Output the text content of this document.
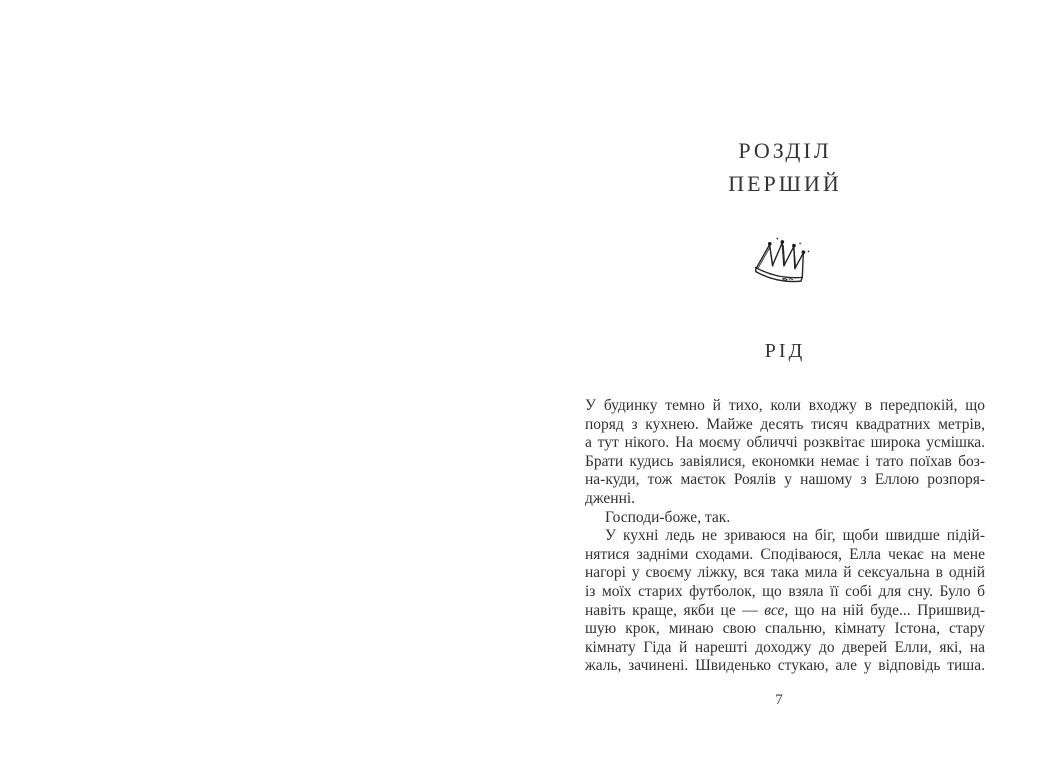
РОЗДІЛ
ПЕРШИЙ
РІД
У будинку темно й тихо, коли входжу в передпокій, що
поряд з кухнею. Майже десять тисяч квадратних метрів,
а тут нікого. На моєму обличчі розквітає широка усмішка.
Брати кудись завіялися, економки немає і тато поїхав боз-
на-куди, тож маєток Роялів у нашому з Еллою розпоря-
дженні.
Господи-боже, так.
У кухні ледь не зриваюся на біг, щоби швидше підій-
нятися задніми сходами. Сподіваюся, Елла чекає на мене
нагорі у своєму ліжку, вся така мила й сексуальна в одній
із моїх старих футболок, що взяла її собі для сну. Було б
навіть краще, якби це — все, що на ній буде... Пришвид-
шую крок, минаю свою спальню, кімнату Істона, стару
кімнату Гіда й нарешті доходжу до дверей Елли, які, на
жаль, зачинені. Швиденько стукаю, але у відповідь тиша.
7
